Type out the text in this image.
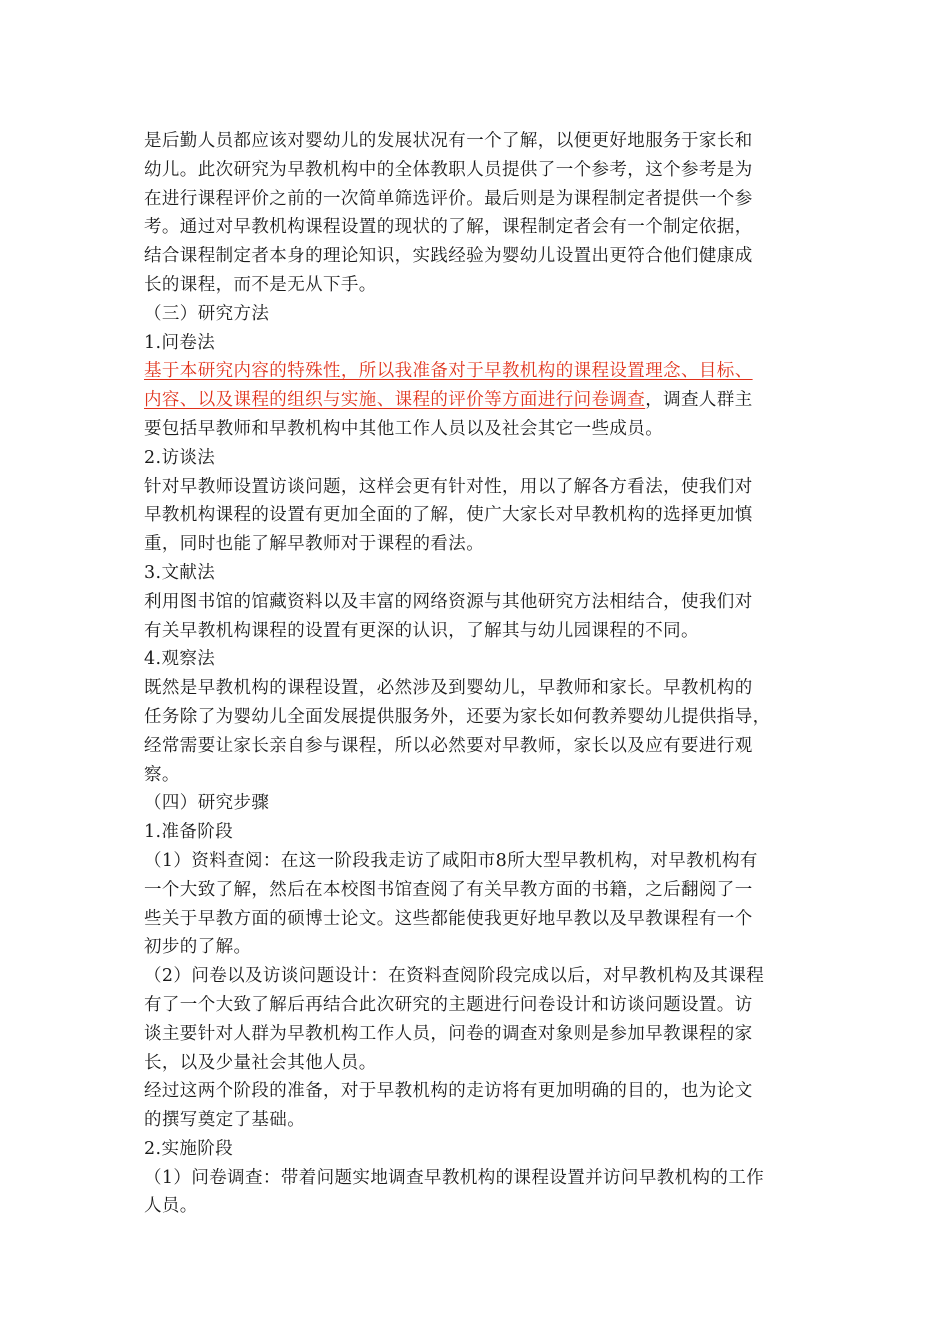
是后勤人员都应该对婴幼儿的发展状况有一个了解，以便更好地服务于家长和
幼儿。此次研究为早教机构中的全体教职人员提供了一个参考，这个参考是为
在进行课程评价之前的一次简单筛选评价。最后则是为课程制定者提供一个参
考。通过对早教机构课程设置的现状的了解，课程制定者会有一个制定依据，
结合课程制定者本身的理论知识，实践经验为婴幼儿设置出更符合他们健康成
长的课程，而不是无从下手。
（三）研究方法
1.问卷法
基于本研究内容的特殊性，所以我准备对于早教机构的课程设置理念、目标、
内容、以及课程的组织与实施、课程的评价等方面进行问卷调查，调查人群主
要包括早教师和早教机构中其他工作人员以及社会其它一些成员。
2.访谈法
针对早教师设置访谈问题，这样会更有针对性，用以了解各方看法，使我们对
早教机构课程的设置有更加全面的了解，使广大家长对早教机构的选择更加慎
重，同时也能了解早教师对于课程的看法。
3.文献法
利用图书馆的馆藏资料以及丰富的网络资源与其他研究方法相结合，使我们对
有关早教机构课程的设置有更深的认识，了解其与幼儿园课程的不同。
4.观察法
既然是早教机构的课程设置，必然涉及到婴幼儿，早教师和家长。早教机构的
任务除了为婴幼儿全面发展提供服务外，还要为家长如何教养婴幼儿提供指导，
经常需要让家长亲自参与课程，所以必然要对早教师，家长以及应有要进行观
察。
（四）研究步骤
1.准备阶段
（1）资料查阅：在这一阶段我走访了咸阳市8所大型早教机构，对早教机构有
一个大致了解，然后在本校图书馆查阅了有关早教方面的书籍，之后翻阅了一
些关于早教方面的硕博士论文。这些都能使我更好地早教以及早教课程有一个
初步的了解。
（2）问卷以及访谈问题设计：在资料查阅阶段完成以后，对早教机构及其课程
有了一个大致了解后再结合此次研究的主题进行问卷设计和访谈问题设置。访
谈主要针对人群为早教机构工作人员，问卷的调查对象则是参加早教课程的家
长，以及少量社会其他人员。
经过这两个阶段的准备，对于早教机构的走访将有更加明确的目的，也为论文
的撰写奠定了基础。
2.实施阶段
（1）问卷调查：带着问题实地调查早教机构的课程设置并访问早教机构的工作
人员。
